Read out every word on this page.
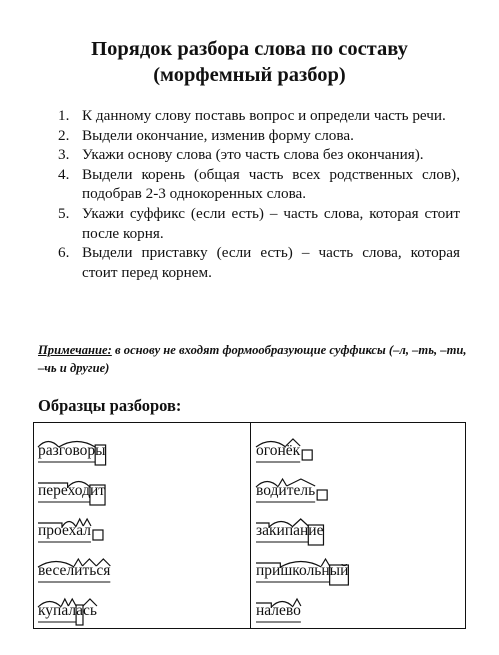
Порядок разбора слова по составу
(морфемный разбор)
1. К данному слову поставь вопрос и определи часть речи.
2. Выдели окончание, изменив форму слова.
3. Укажи основу слова (это часть слова без окончания).
4. Выдели корень (общая часть всех родственных слов), подобрав 2-3 однокоренных слова.
5. Укажи суффикс (если есть) – часть слова, которая стоит после корня.
6. Выдели приставку (если есть) – часть слова, которая стоит перед корнем.
Примечание: в основу не входят формообразующие суффиксы (–л, –ть, –ти, –чь и другие)
Образцы разборов:
разговоры
переходит
проехал
веселиться
купалась
огонёк
водитель
закипание
пришкольный
налево
